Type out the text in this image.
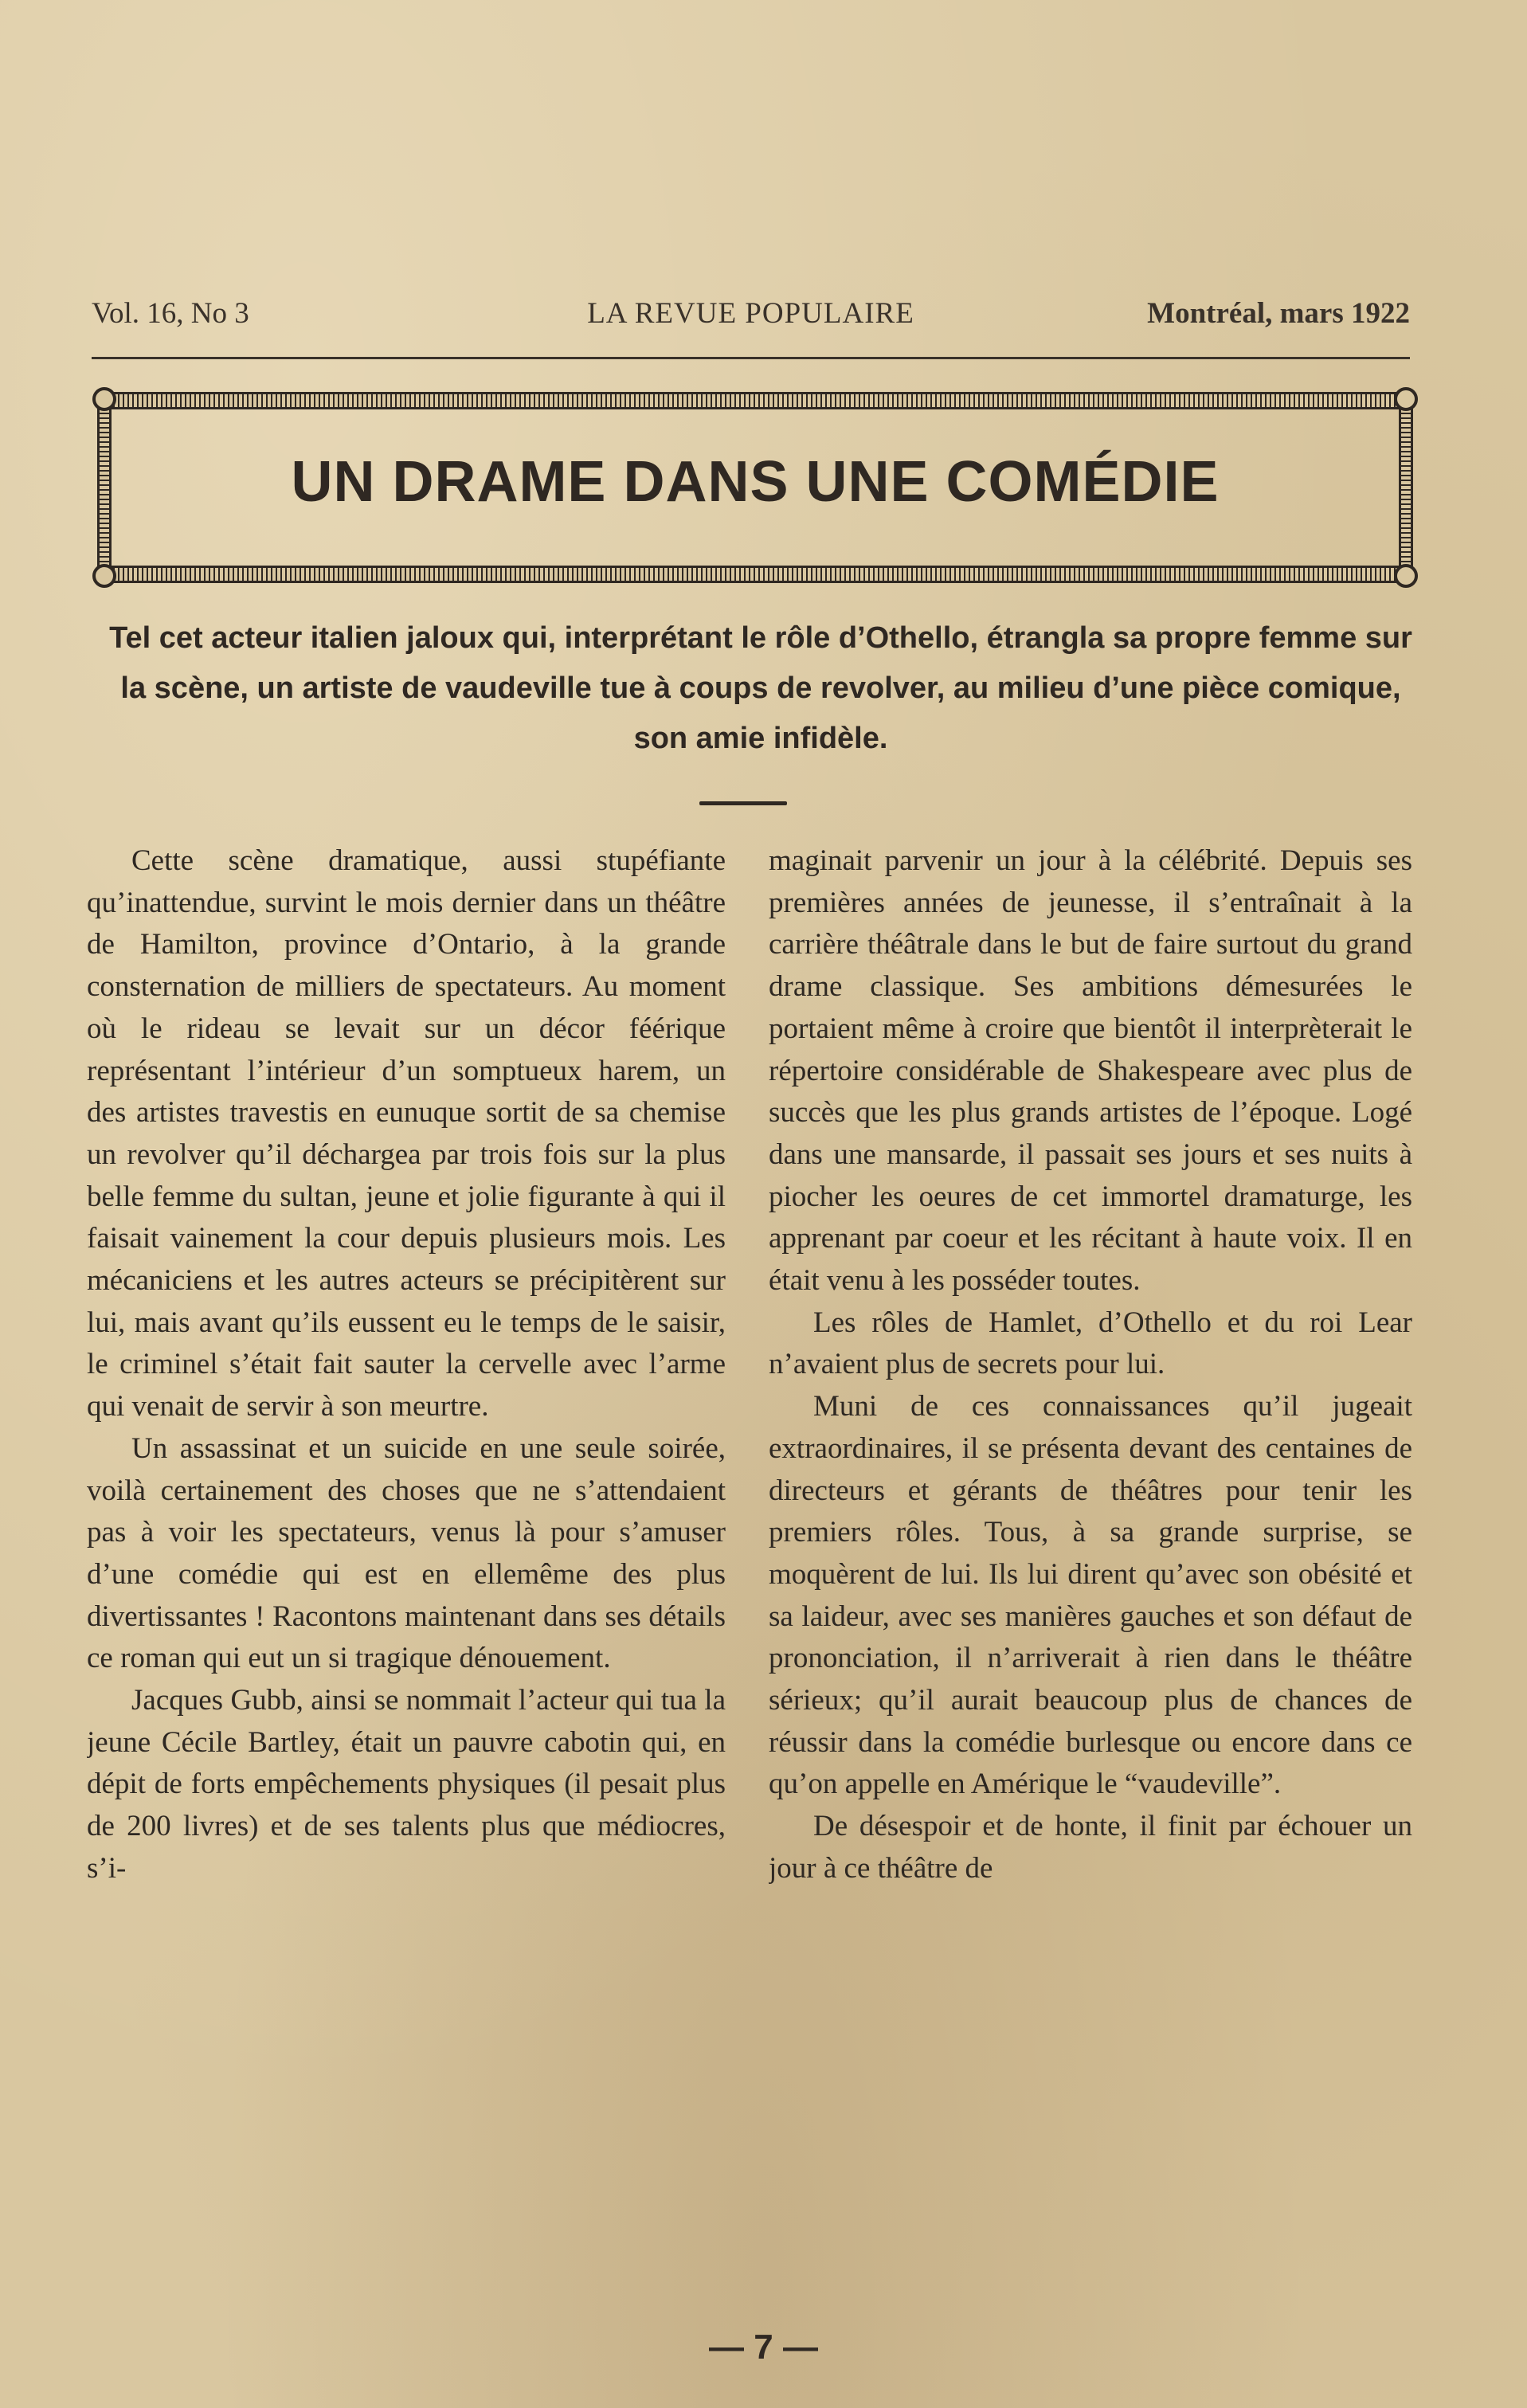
LA REVUE POPULAIRE
Vol. 16, No 3	Montréal, mars 1922
UN DRAME DANS UNE COMÉDIE

Tel cet acteur italien jaloux qui, interprétant le rôle d’Othello, étrangla sa propre femme sur la scène, un artiste de vaudeville tue à coups de revolver, au milieu d’une pièce comique, son amie infidèle.

Cette scène dramatique, aussi stupéfiante qu’inattendue, survint le mois dernier dans un théâtre de Hamilton, province d’Ontario, à la grande consternation de milliers de spectateurs. Au moment où le rideau se levait sur un décor féérique représentant l’intérieur d’un somptueux harem, un des artistes travestis en eunuque sortit de sa chemise un revolver qu’il déchargea par trois fois sur la plus belle femme du sultan, jeune et jolie figurante à qui il faisait vainement la cour depuis plusieurs mois. Les mécaniciens et les autres acteurs se précipitèrent sur lui, mais avant qu’ils eussent eu le temps de le saisir, le criminel s’était fait sauter la cervelle avec l’arme qui venait de servir à son meurtre.

Un assassinat et un suicide en une seule soirée, voilà certainement des choses que ne s’attendaient pas à voir les spectateurs, venus là pour s’amuser d’une comédie qui est en ellemême des plus divertissantes ! Racontons maintenant dans ses détails ce roman qui eut un si tragique dénouement.

Jacques Gubb, ainsi se nommait l’acteur qui tua la jeune Cécile Bartley, était un pauvre cabotin qui, en dépit de forts empêchements physiques (il pesait plus de 200 livres) et de ses talents plus que médiocres, s’i-

maginait parvenir un jour à la célébrité. Depuis ses premières années de jeunesse, il s’entraînait à la carrière théâtrale dans le but de faire surtout du grand drame classique. Ses ambitions démesurées le portaient même à croire que bientôt il interprèterait le répertoire considérable de Shakespeare avec plus de succès que les plus grands artistes de l’époque. Logé dans une mansarde, il passait ses jours et ses nuits à piocher les oeures de cet immortel dramaturge, les apprenant par coeur et les récitant à haute voix. Il en était venu à les posséder toutes.

Les rôles de Hamlet, d’Othello et du roi Lear n’avaient plus de secrets pour lui.

Muni de ces connaissances qu’il jugeait extraordinaires, il se présenta devant des centaines de directeurs et gérants de théâtres pour tenir les premiers rôles. Tous, à sa grande surprise, se moquèrent de lui. Ils lui dirent qu’avec son obésité et sa laideur, avec ses manières gauches et son défaut de prononciation, il n’arriverait à rien dans le théâtre sérieux; qu’il aurait beaucoup plus de chances de réussir dans la comédie burlesque ou encore dans ce qu’on appelle en Amérique le “vaudeville”.

De désespoir et de honte, il finit par échouer un jour à ce théâtre de

— 7 —
